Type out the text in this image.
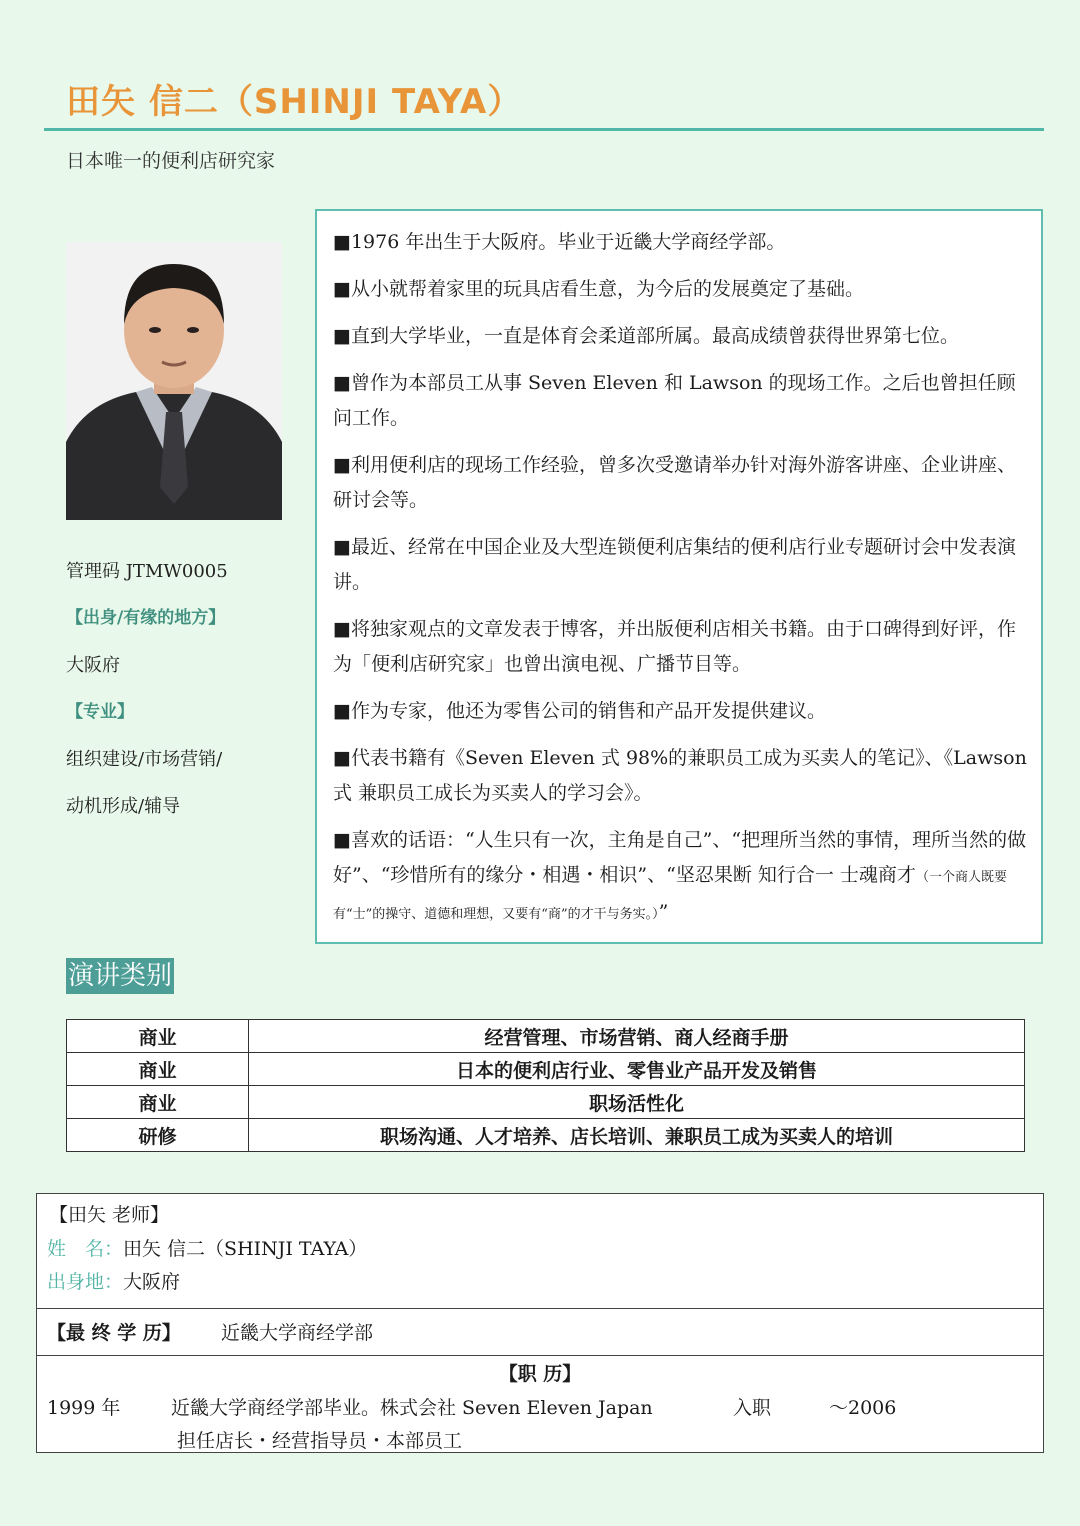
田矢 信二（SHINJI TAYA）
日本唯一的便利店研究家
管理码 JTMW0005
【出身/有缘的地方】
大阪府
【专业】
组织建设/市场营销/
动机形成/辅导
■1976 年出生于大阪府。毕业于近畿大学商经学部。
■从小就帮着家里的玩具店看生意，为今后的发展奠定了基础。
■直到大学毕业，一直是体育会柔道部所属。最高成绩曾获得世界第七位。
■曾作为本部员工从事 Seven Eleven 和 Lawson 的现场工作。之后也曾担任顾问工作。
■利用便利店的现场工作经验，曾多次受邀请举办针对海外游客讲座、企业讲座、研讨会等。
■最近、经常在中国企业及大型连锁便利店集结的便利店行业专题研讨会中发表演讲。
■将独家观点的文章发表于博客，并出版便利店相关书籍。由于口碑得到好评，作为「便利店研究家」也曾出演电视、广播节目等。
■作为专家，他还为零售公司的销售和产品开发提供建议。
■代表书籍有《Seven Eleven 式 98%的兼职员工成为买卖人的笔记》、《Lawson 式 兼职员工成长为买卖人的学习会》。
■喜欢的话语：“人生只有一次，主角是自己”、“把理所当然的事情，理所当然的做好”、“珍惜所有的缘分・相遇・相识”、“坚忍果断 知行合一 士魂商才（一个商人既要有“士”的操守、道德和理想，又要有“商”的才干与务实。）”
演讲类别
商业	经营管理、市场营销、商人经商手册
商业	日本的便利店行业、零售业产品开发及销售
商业	职场活性化
研修	职场沟通、人才培养、店长培训、兼职员工成为买卖人的培训
【田矢 老师】
姓　名：田矢 信二（SHINJI TAYA）
出身地：大阪府
【最 终 学 历】 近畿大学商经学部
【职 历】
1999 年	近畿大学商经学部毕业。株式会社 Seven Eleven Japan	入职	～2006
担任店长・经营指导员・本部员工
